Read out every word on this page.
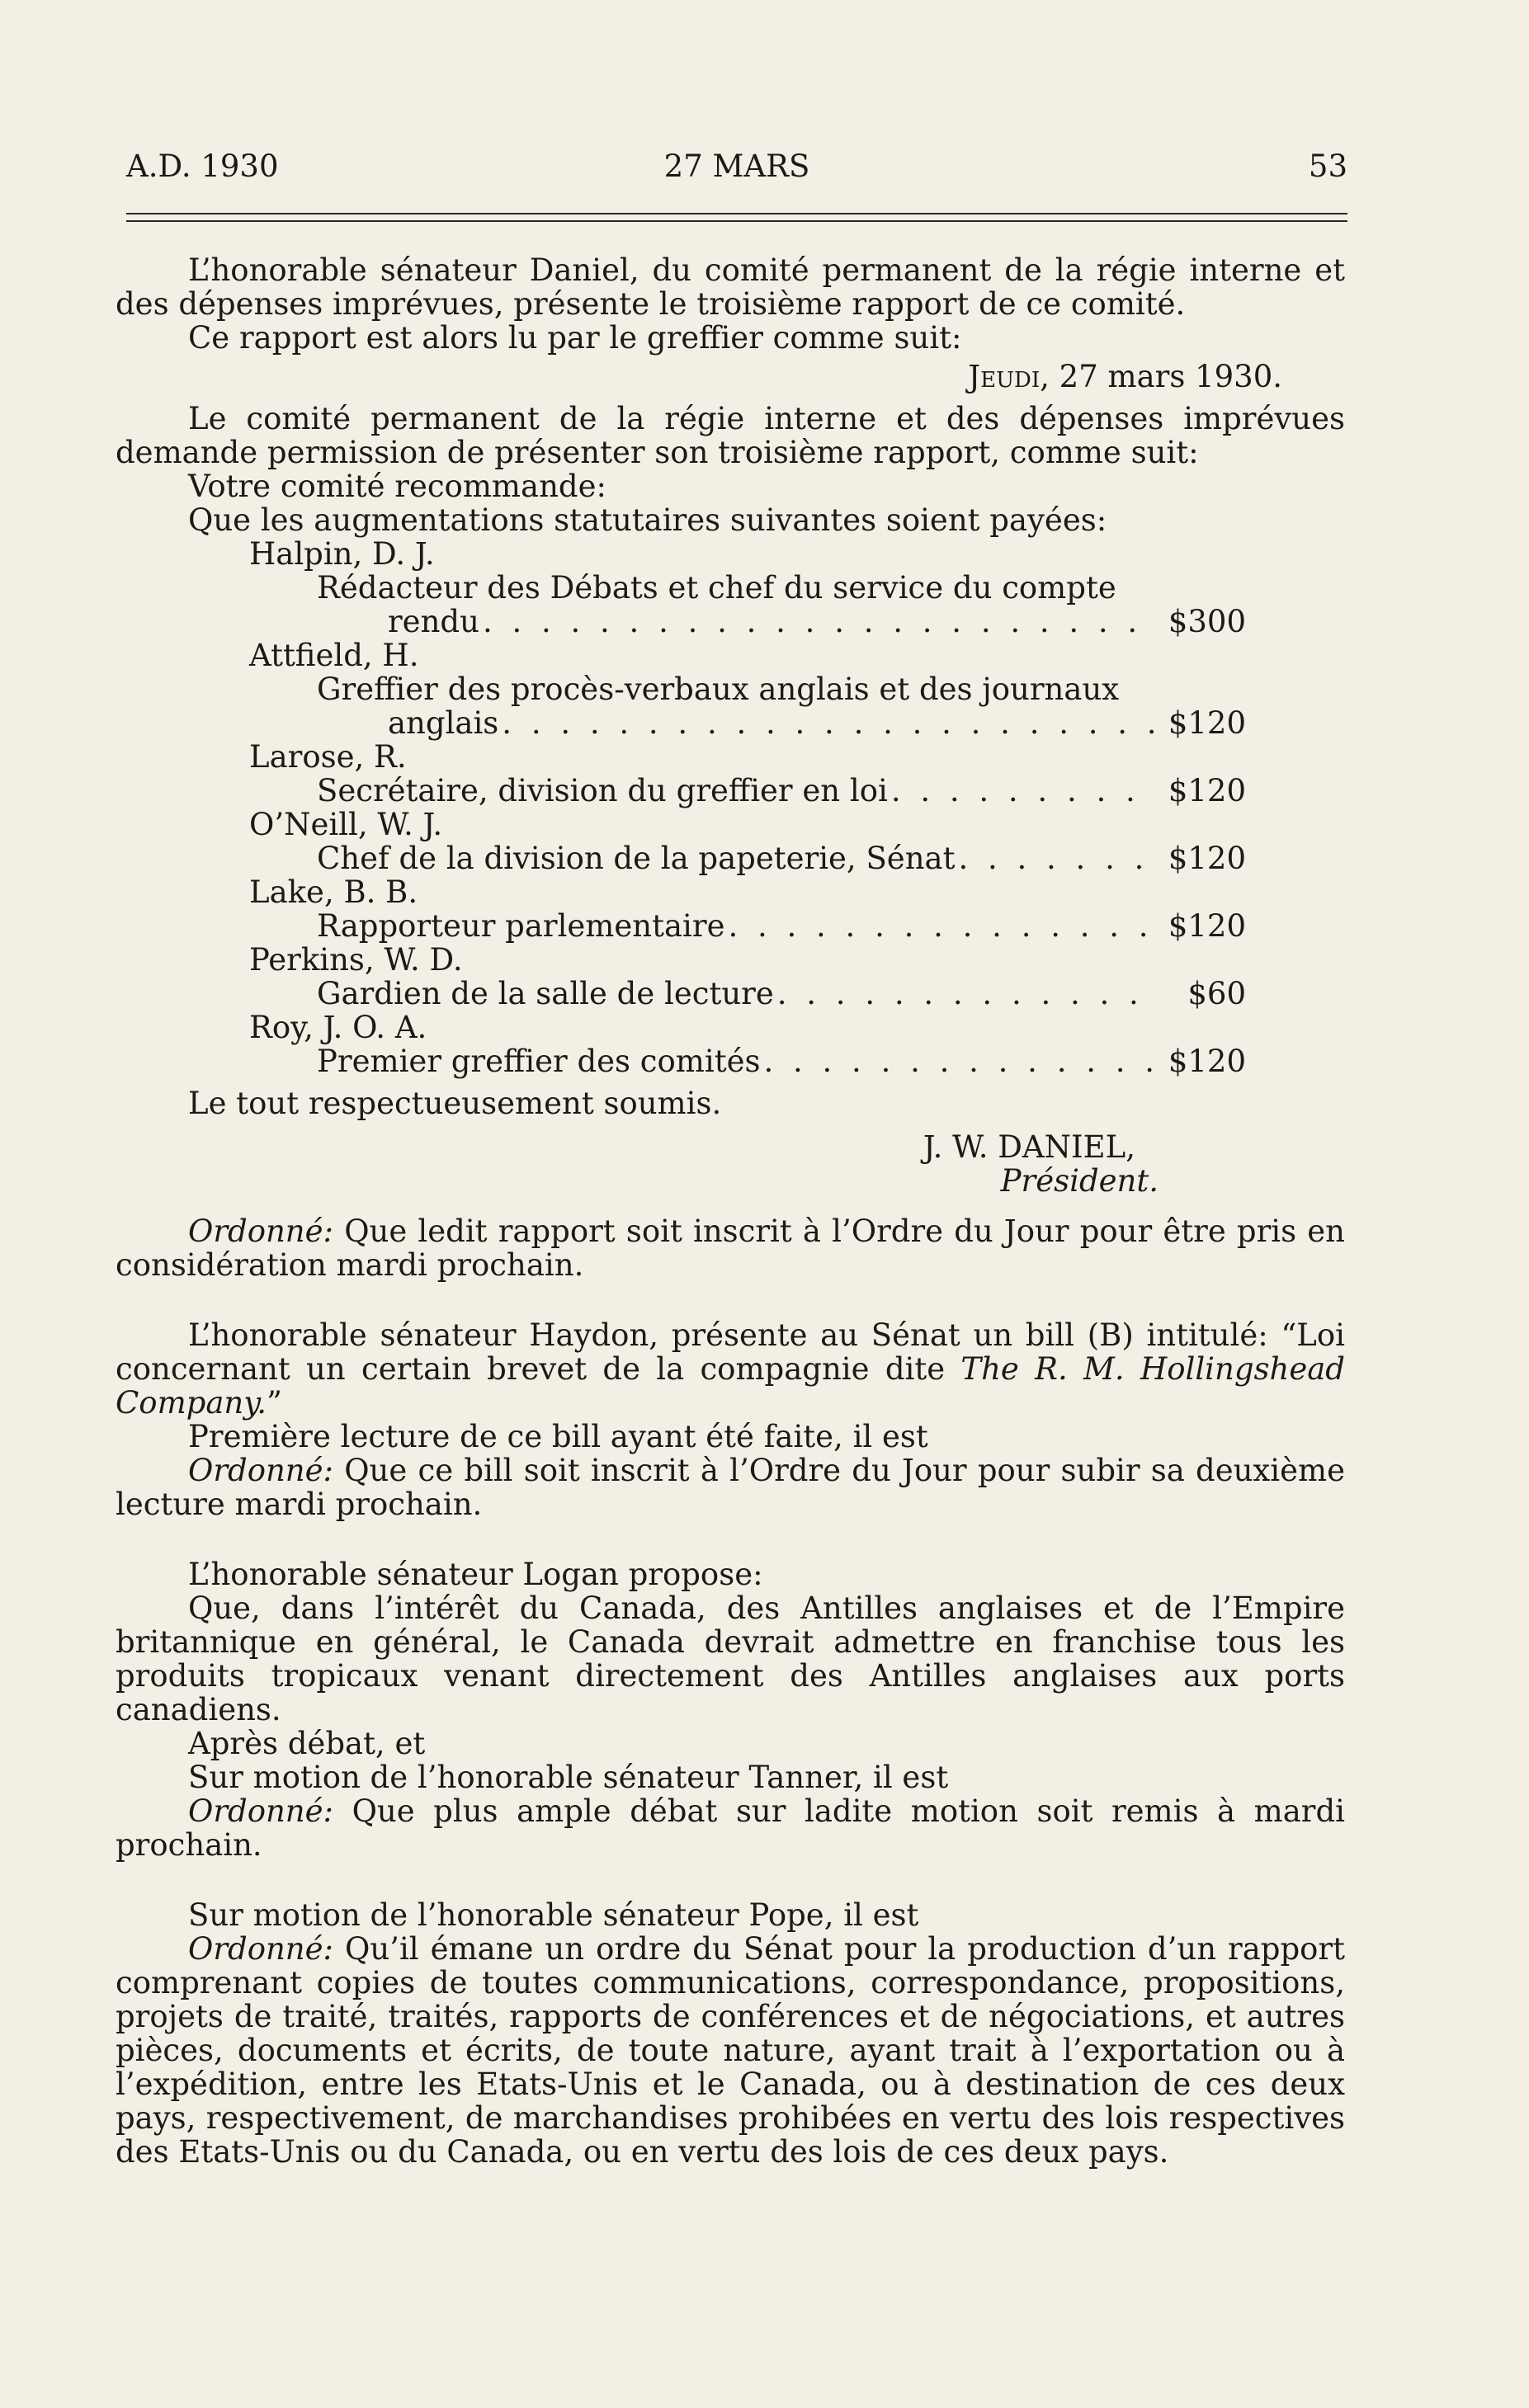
A.D. 1930	27 MARS	53

L’honorable sénateur Daniel, du comité permanent de la régie interne et des dépenses imprévues, présente le troisième rapport de ce comité.

Ce rapport est alors lu par le greffier comme suit:

Jeudi, 27 mars 1930.

Le comité permanent de la régie interne et des dépenses imprévues demande permission de présenter son troisième rapport, comme suit:

Votre comité recommande:

Que les augmentations statutaires suivantes soient payées:

Halpin, D. J.

Rédacteur des Débats et chef du service du compte

rendu . . .	$300

Attfield, H.

Greffier des procès-verbaux anglais et des journaux

anglais . . .	$120

Larose, R.

Secrétaire, division du greffier en loi . . .	$120

O’Neill, W. J.

Chef de la division de la papeterie, Sénat . . .	$120

Lake, B. B.

Rapporteur parlementaire . . .	$120

Perkins, W. D.

Gardien de la salle de lecture . . .	$60

Roy, J. O. A.

Premier greffier des comités . . .	$120

Le tout respectueusement soumis.

J. W. DANIEL,

Président.

Ordonné: Que ledit rapport soit inscrit à l’Ordre du Jour pour être pris en considération mardi prochain.

L’honorable sénateur Haydon, présente au Sénat un bill (B) intitulé: “Loi concernant un certain brevet de la compagnie dite The R. M. Hollingshead Company.”

Première lecture de ce bill ayant été faite, il est

Ordonné: Que ce bill soit inscrit à l’Ordre du Jour pour subir sa deuxième lecture mardi prochain.

L’honorable sénateur Logan propose:

Que, dans l’intérêt du Canada, des Antilles anglaises et de l’Empire britannique en général, le Canada devrait admettre en franchise tous les produits tropicaux venant directement des Antilles anglaises aux ports canadiens.

Après débat, et

Sur motion de l’honorable sénateur Tanner, il est

Ordonné: Que plus ample débat sur ladite motion soit remis à mardi prochain.

Sur motion de l’honorable sénateur Pope, il est

Ordonné: Qu’il émane un ordre du Sénat pour la production d’un rapport comprenant copies de toutes communications, correspondance, propositions, projets de traité, traités, rapports de conférences et de négociations, et autres pièces, documents et écrits, de toute nature, ayant trait à l’exportation ou à l’expédition, entre les Etats-Unis et le Canada, ou à destination de ces deux pays, respectivement, de marchandises prohibées en vertu des lois respectives des Etats-Unis ou du Canada, ou en vertu des lois de ces deux pays.
